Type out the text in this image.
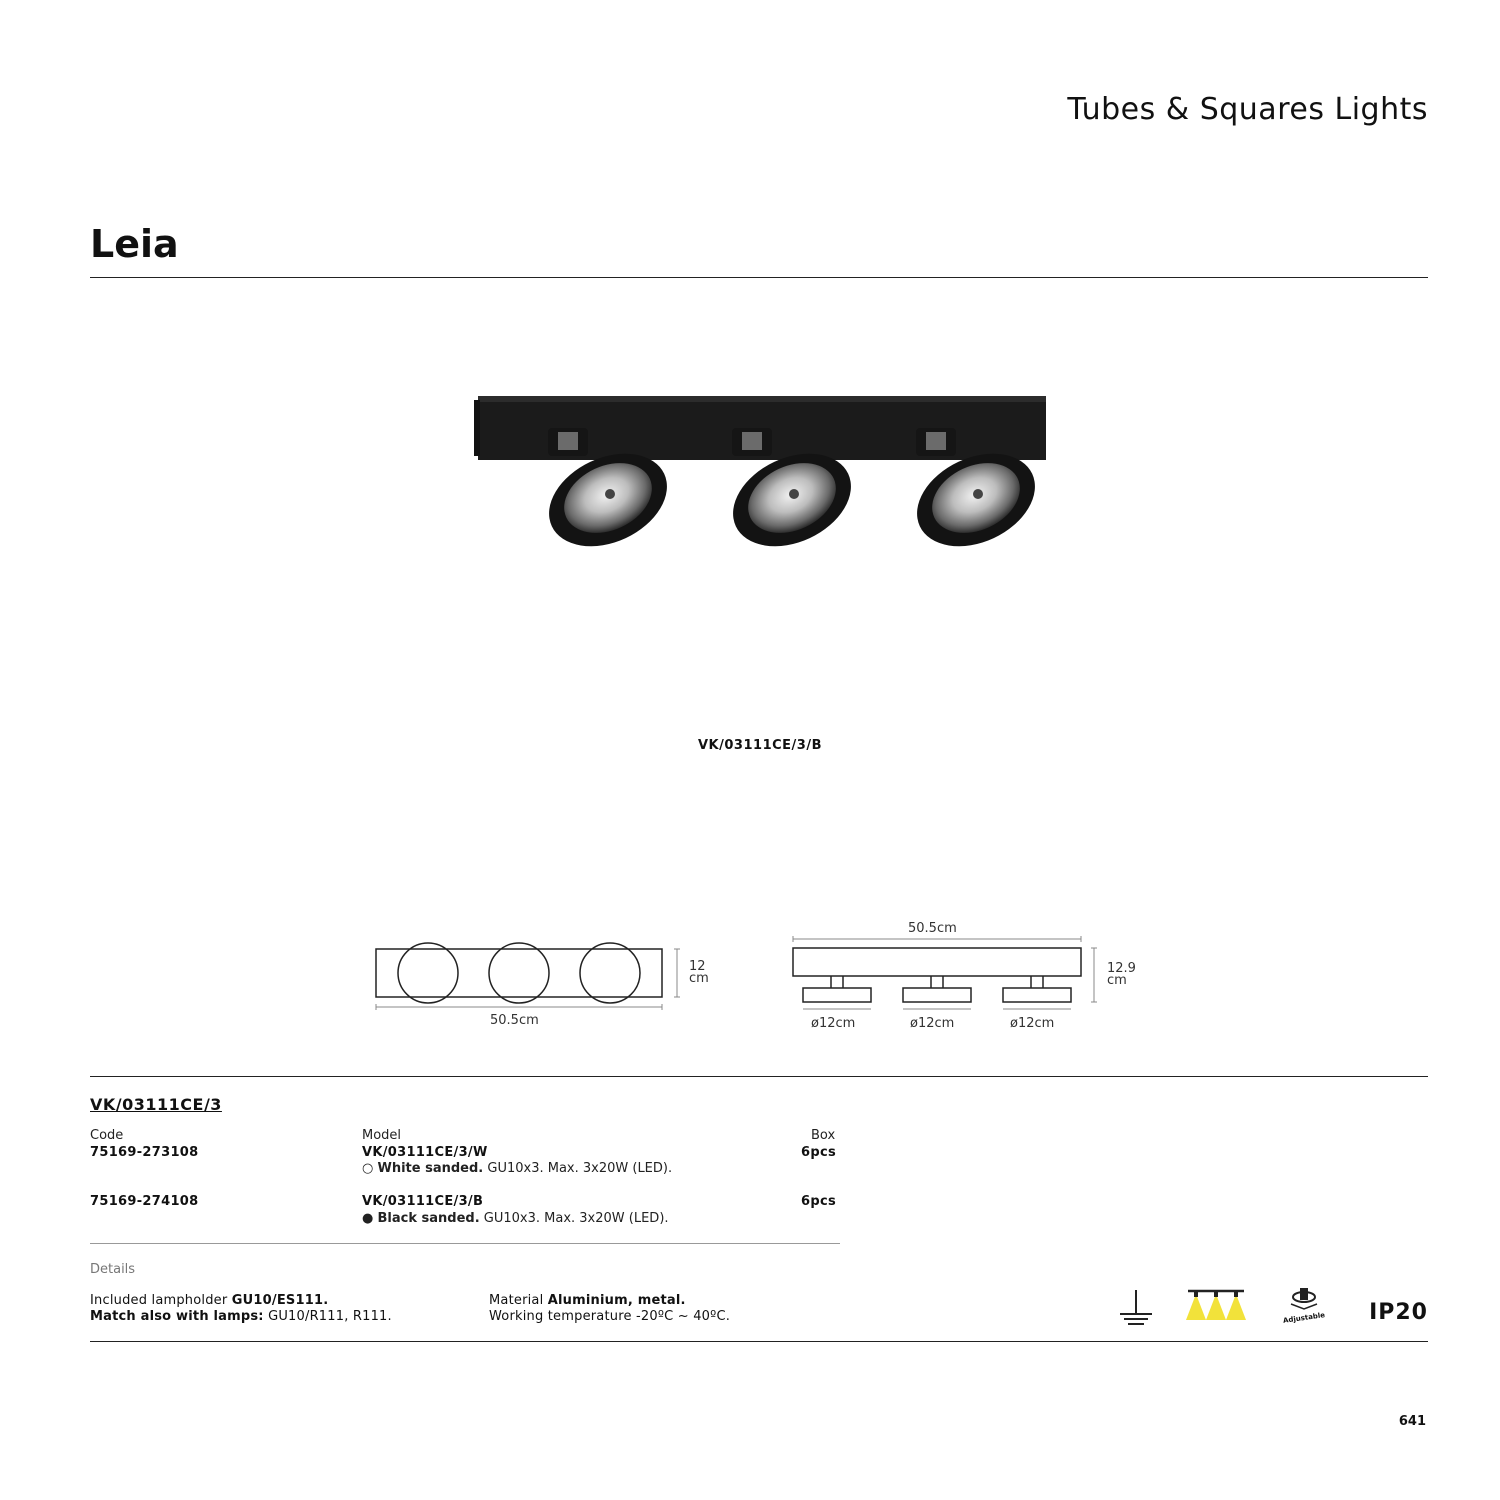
Tubes & Squares Lights
Leia
VK/03111CE/3/B
50.5cm
12
cm
50.5cm
12.9
cm
ø12cm	ø12cm	ø12cm
VK/03111CE/3
Code	Model	Box
75169-273108	VK/03111CE/3/W	6pcs
○ White sanded. GU10x3. Max. 3x20W (LED).
75169-274108	VK/03111CE/3/B	6pcs
● Black sanded. GU10x3. Max. 3x20W (LED).
Details
Included lampholder GU10/ES111.
Match also with lamps: GU10/R111, R111.
Material Aluminium, metal.
Working temperature -20ºC ~ 40ºC.	Adjustable	IP20
641
